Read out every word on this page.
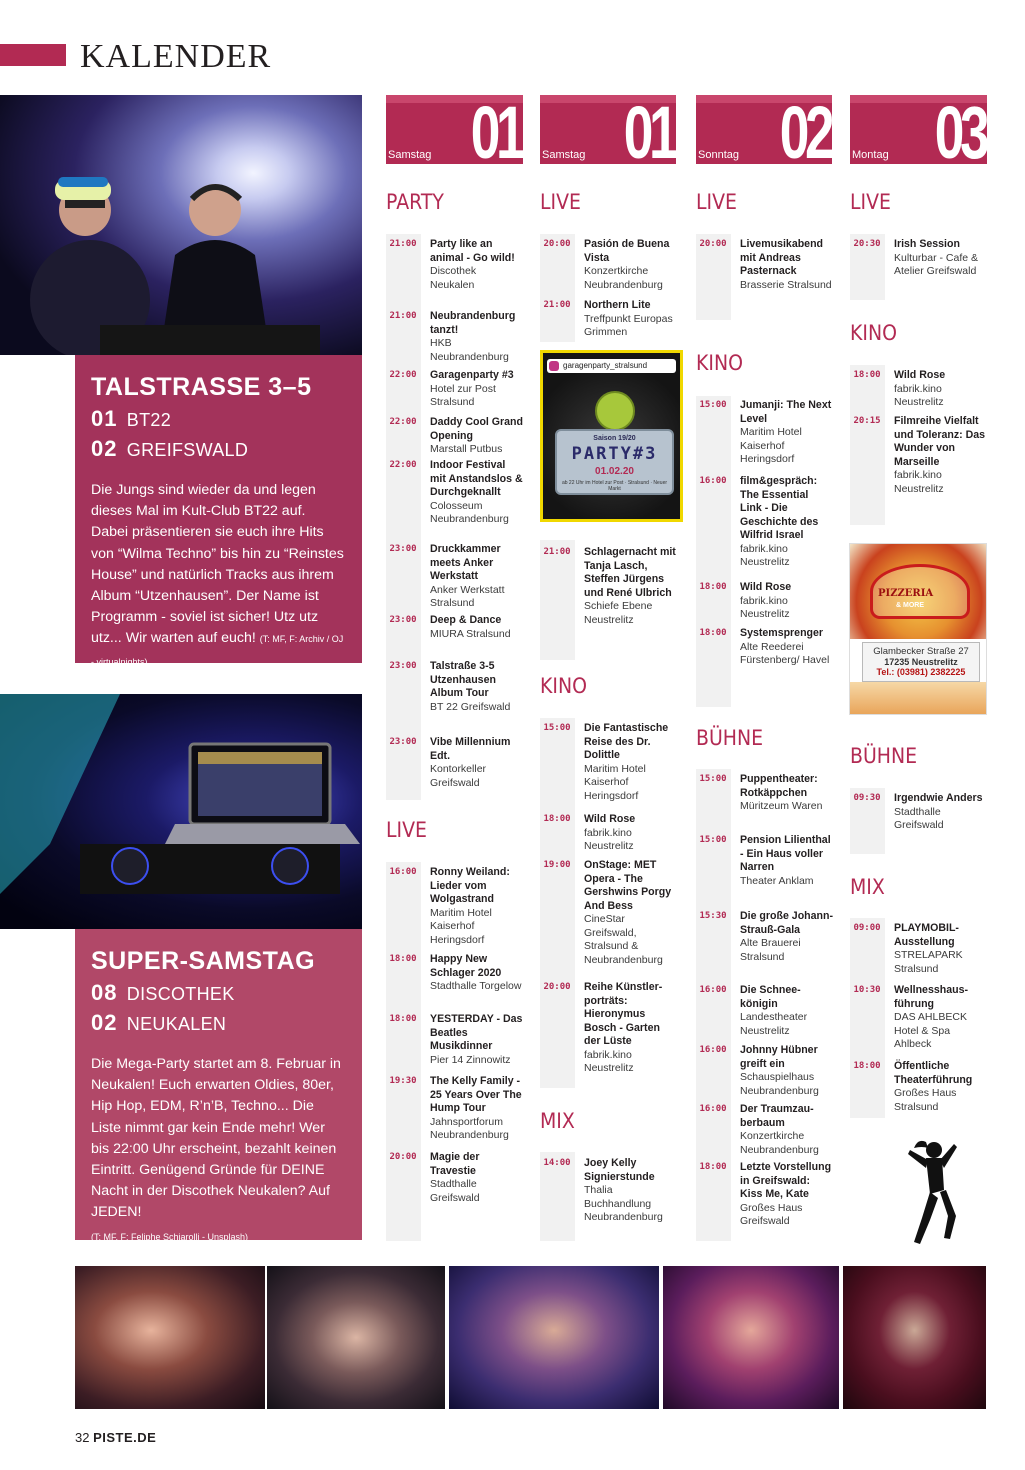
KALENDER
TALSTRASSE 3–5
01 BT22
02 GREIFSWALD
Die Jungs sind wieder da und legen dieses Mal im Kult-Club BT22 auf. Dabei präsentieren sie euch ihre Hits von “Wilma Techno” bis hin zu “Reinstes House” und natürlich Tracks aus ihrem Album “Utzenhausen”. Der Name ist Programm - soviel ist sicher! Utz utz utz... Wir warten auf euch! (T: MF, F: Archiv / OJ - virtualnights)
SUPER-SAMSTAG
08 DISCOTHEK
02 NEUKALEN
Die Mega-Party startet am 8. Februar in Neukalen! Euch erwarten Oldies, 80er, Hip Hop, EDM, R’n’B, Techno... Die Liste nimmt gar kein Ende mehr! Wer bis 22:00 Uhr erscheint, bezahlt keinen Eintritt. Genügend Gründe für DEINE Nacht in der Discothek Neukalen? Auf JEDEN!
(T: MF, F: Feliphe Schiarolli - Unsplash)
Samstag 01 Samstag 01 Sonntag 02 Montag 03
PARTY
LIVE
LIVE
KINO
MIX
LIVE
KINO
BÜHNE
LIVE
KINO
BÜHNE
MIX
21:00	Party like an animal - Go wild!
Discothek Neukalen
21:00	Neubrandenburg tanzt!
HKB Neubrandenburg
22:00	Garagenparty #3
Hotel zur Post Stralsund
22:00	Daddy Cool Grand Opening
Marstall Putbus
22:00	Indoor Festival mit Anstandslos & Durchgeknallt
Colosseum Neubrandenburg
23:00	Druckkammer meets Anker Werkstatt
Anker Werkstatt Stralsund
23:00	Deep & Dance
MIURA Stralsund
23:00	Talstraße 3-5 Utzenhausen Album Tour
BT 22 Greifswald
23:00	Vibe Millennium Edt.
Kontorkeller Greifswald
16:00	Ronny Weiland: Lieder vom Wolgastrand
Maritim Hotel Kaiserhof Heringsdorf
18:00	Happy New Schlager 2020
Stadthalle Torgelow
18:00	YESTERDAY - Das Beatles Musikdinner
Pier 14 Zinnowitz
19:30	The Kelly Family - 25 Years Over The Hump Tour
Jahnsportforum Neubrandenburg
20:00	Magie der Travestie
Stadthalle Greifswald
20:00	Pasión de Buena Vista
Konzertkirche Neubrandenburg
21:00	Northern Lite
Treffpunkt Europas Grimmen
garagenparty_stralsund
Saison 19/20
PARTY#3
01.02.20
ab 22 Uhr im Hotel zur Post · Stralsund · Neuer Markt
21:00	Schlagernacht mit Tanja Lasch, Steffen Jürgens und René Ulbrich
Schiefe Ebene Neustrelitz
15:00	Die Fantastische Reise des Dr. Dolittle
Maritim Hotel Kaiserhof Heringsdorf
18:00	Wild Rose
fabrik.kino Neustrelitz
19:00	OnStage: MET Opera - The Gershwins Porgy And Bess
CineStar Greifswald, Stralsund & Neubrandenburg
20:00	Reihe Künstlerporträts: Hieronymus Bosch - Garten der Lüste
fabrik.kino Neustrelitz
14:00	Joey Kelly Signierstunde
Thalia Buchhandlung Neubrandenburg
20:00	Livemusikabend mit Andreas Pasternack
Brasserie Stralsund
15:00	Jumanji: The Next Level
Maritim Hotel Kaiserhof Heringsdorf
16:00	film&gespräch: The Essential Link - Die Geschichte des Wilfrid Israel
fabrik.kino Neustrelitz
18:00	Wild Rose
fabrik.kino Neustrelitz
18:00	Systemsprenger
Alte Reederei Fürstenberg/ Havel
15:00	Puppentheater: Rotkäppchen
Müritzeum Waren
15:00	Pension Lilienthal - Ein Haus voller Narren
Theater Anklam
15:30	Die große Johann-Strauß-Gala
Alte Brauerei Stralsund
16:00	Die Schneekönigin
Landestheater Neustrelitz
16:00	Johnny Hübner greift ein
Schauspielhaus Neubrandenburg
16:00	Der Traumzauberbaum
Konzertkirche Neubrandenburg
18:00	Letzte Vorstellung in Greifswald: Kiss Me, Kate
Großes Haus Greifswald
20:30	Irish Session
Kulturbar - Cafe & Atelier Greifswald
18:00	Wild Rose
fabrik.kino Neustrelitz
20:15	Filmreihe Vielfalt und Toleranz: Das Wunder von Marseille
fabrik.kino Neustrelitz
PIZZERIA
& MORE
Glambecker Straße 27
17235 Neustrelitz
Tel.: (03981) 2382225
09:30	Irgendwie Anders
Stadthalle Greifswald
09:00	PLAYMOBIL-Ausstellung
STRELAPARK Stralsund
10:30	Wellnesshausführung
DAS AHLBECK Hotel & Spa Ahlbeck
18:00	Öffentliche Theaterführung
Großes Haus Stralsund
32 PISTE.DE
